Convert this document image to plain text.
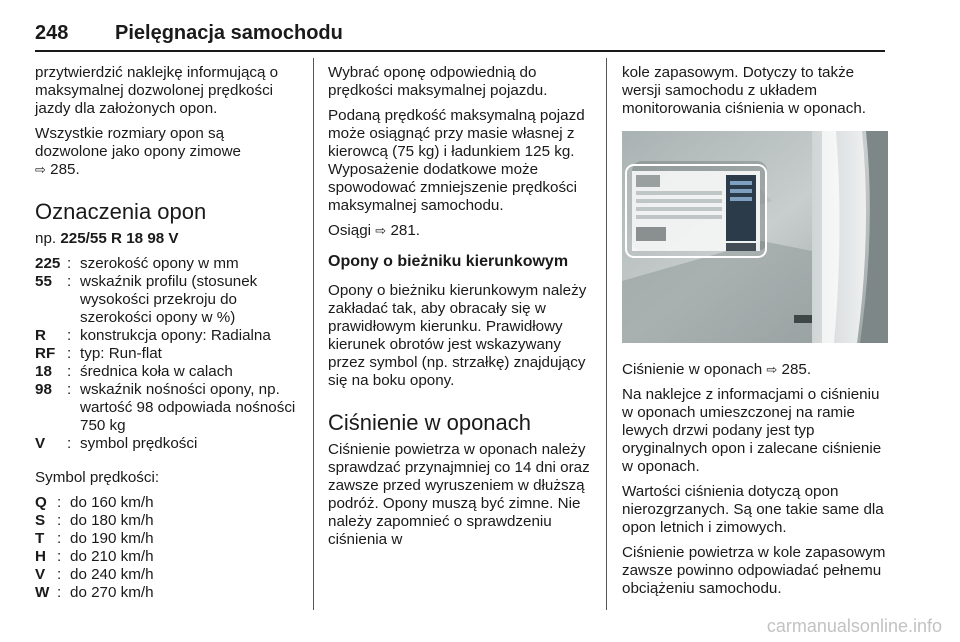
248 Pielęgnacja samochodu

przytwierdzić naklejkę informującą o maksymalnej dozwolonej prędkości jazdy dla założonych opon.

Wszystkie rozmiary opon są dozwolone jako opony zimowe
⇨ 285.

Oznaczenia opon

np. 225/55 R 18 98 V

225 : szerokość opony w mm
55 : wskaźnik profilu (stosunek wysokości przekroju do szerokości opony w %)
R	: konstrukcja opony: Radialna
RF : typ: Run-flat
18 : średnica koła w calach
98 : wskaźnik nośności opony, np. wartość 98 odpowiada nośności 750 kg
V	: symbol prędkości

Symbol prędkości:

Q : do 160 km/h
S : do 180 km/h
T : do 190 km/h
H : do 210 km/h
V : do 240 km/h
W : do 270 km/h

Wybrać oponę odpowiednią do prędkości maksymalnej pojazdu.

Podaną prędkość maksymalną pojazd może osiągnąć przy masie własnej z kierowcą (75 kg) i ładunkiem 125 kg. Wyposażenie dodatkowe może spowodować zmniejszenie prędkości maksymalnej samochodu.

Osiągi ⇨ 281.

Opony o bieżniku kierunkowym

Opony o bieżniku kierunkowym należy zakładać tak, aby obracały się w prawidłowym kierunku. Prawidłowy kierunek obrotów jest wskazywany przez symbol (np. strzałkę) znajdujący się na boku opony.

Ciśnienie w oponach

Ciśnienie powietrza w oponach należy sprawdzać przynajmniej co 14 dni oraz zawsze przed wyruszeniem w dłuższą podróż. Opony muszą być zimne. Nie należy zapomnieć o sprawdzeniu ciśnienia w

kole zapasowym. Dotyczy to także wersji samochodu z układem monitorowania ciśnienia w oponach.

Ciśnienie w oponach ⇨ 285.

Na naklejce z informacjami o ciśnieniu w oponach umieszczonej na ramie lewych drzwi podany jest typ oryginalnych opon i zalecane ciśnienie w oponach.

Wartości ciśnienia dotyczą opon nierozgrzanych. Są one takie same dla opon letnich i zimowych.

Ciśnienie powietrza w kole zapasowym zawsze powinno odpowiadać pełnemu obciążeniu samochodu.

carmanualsonline.info
